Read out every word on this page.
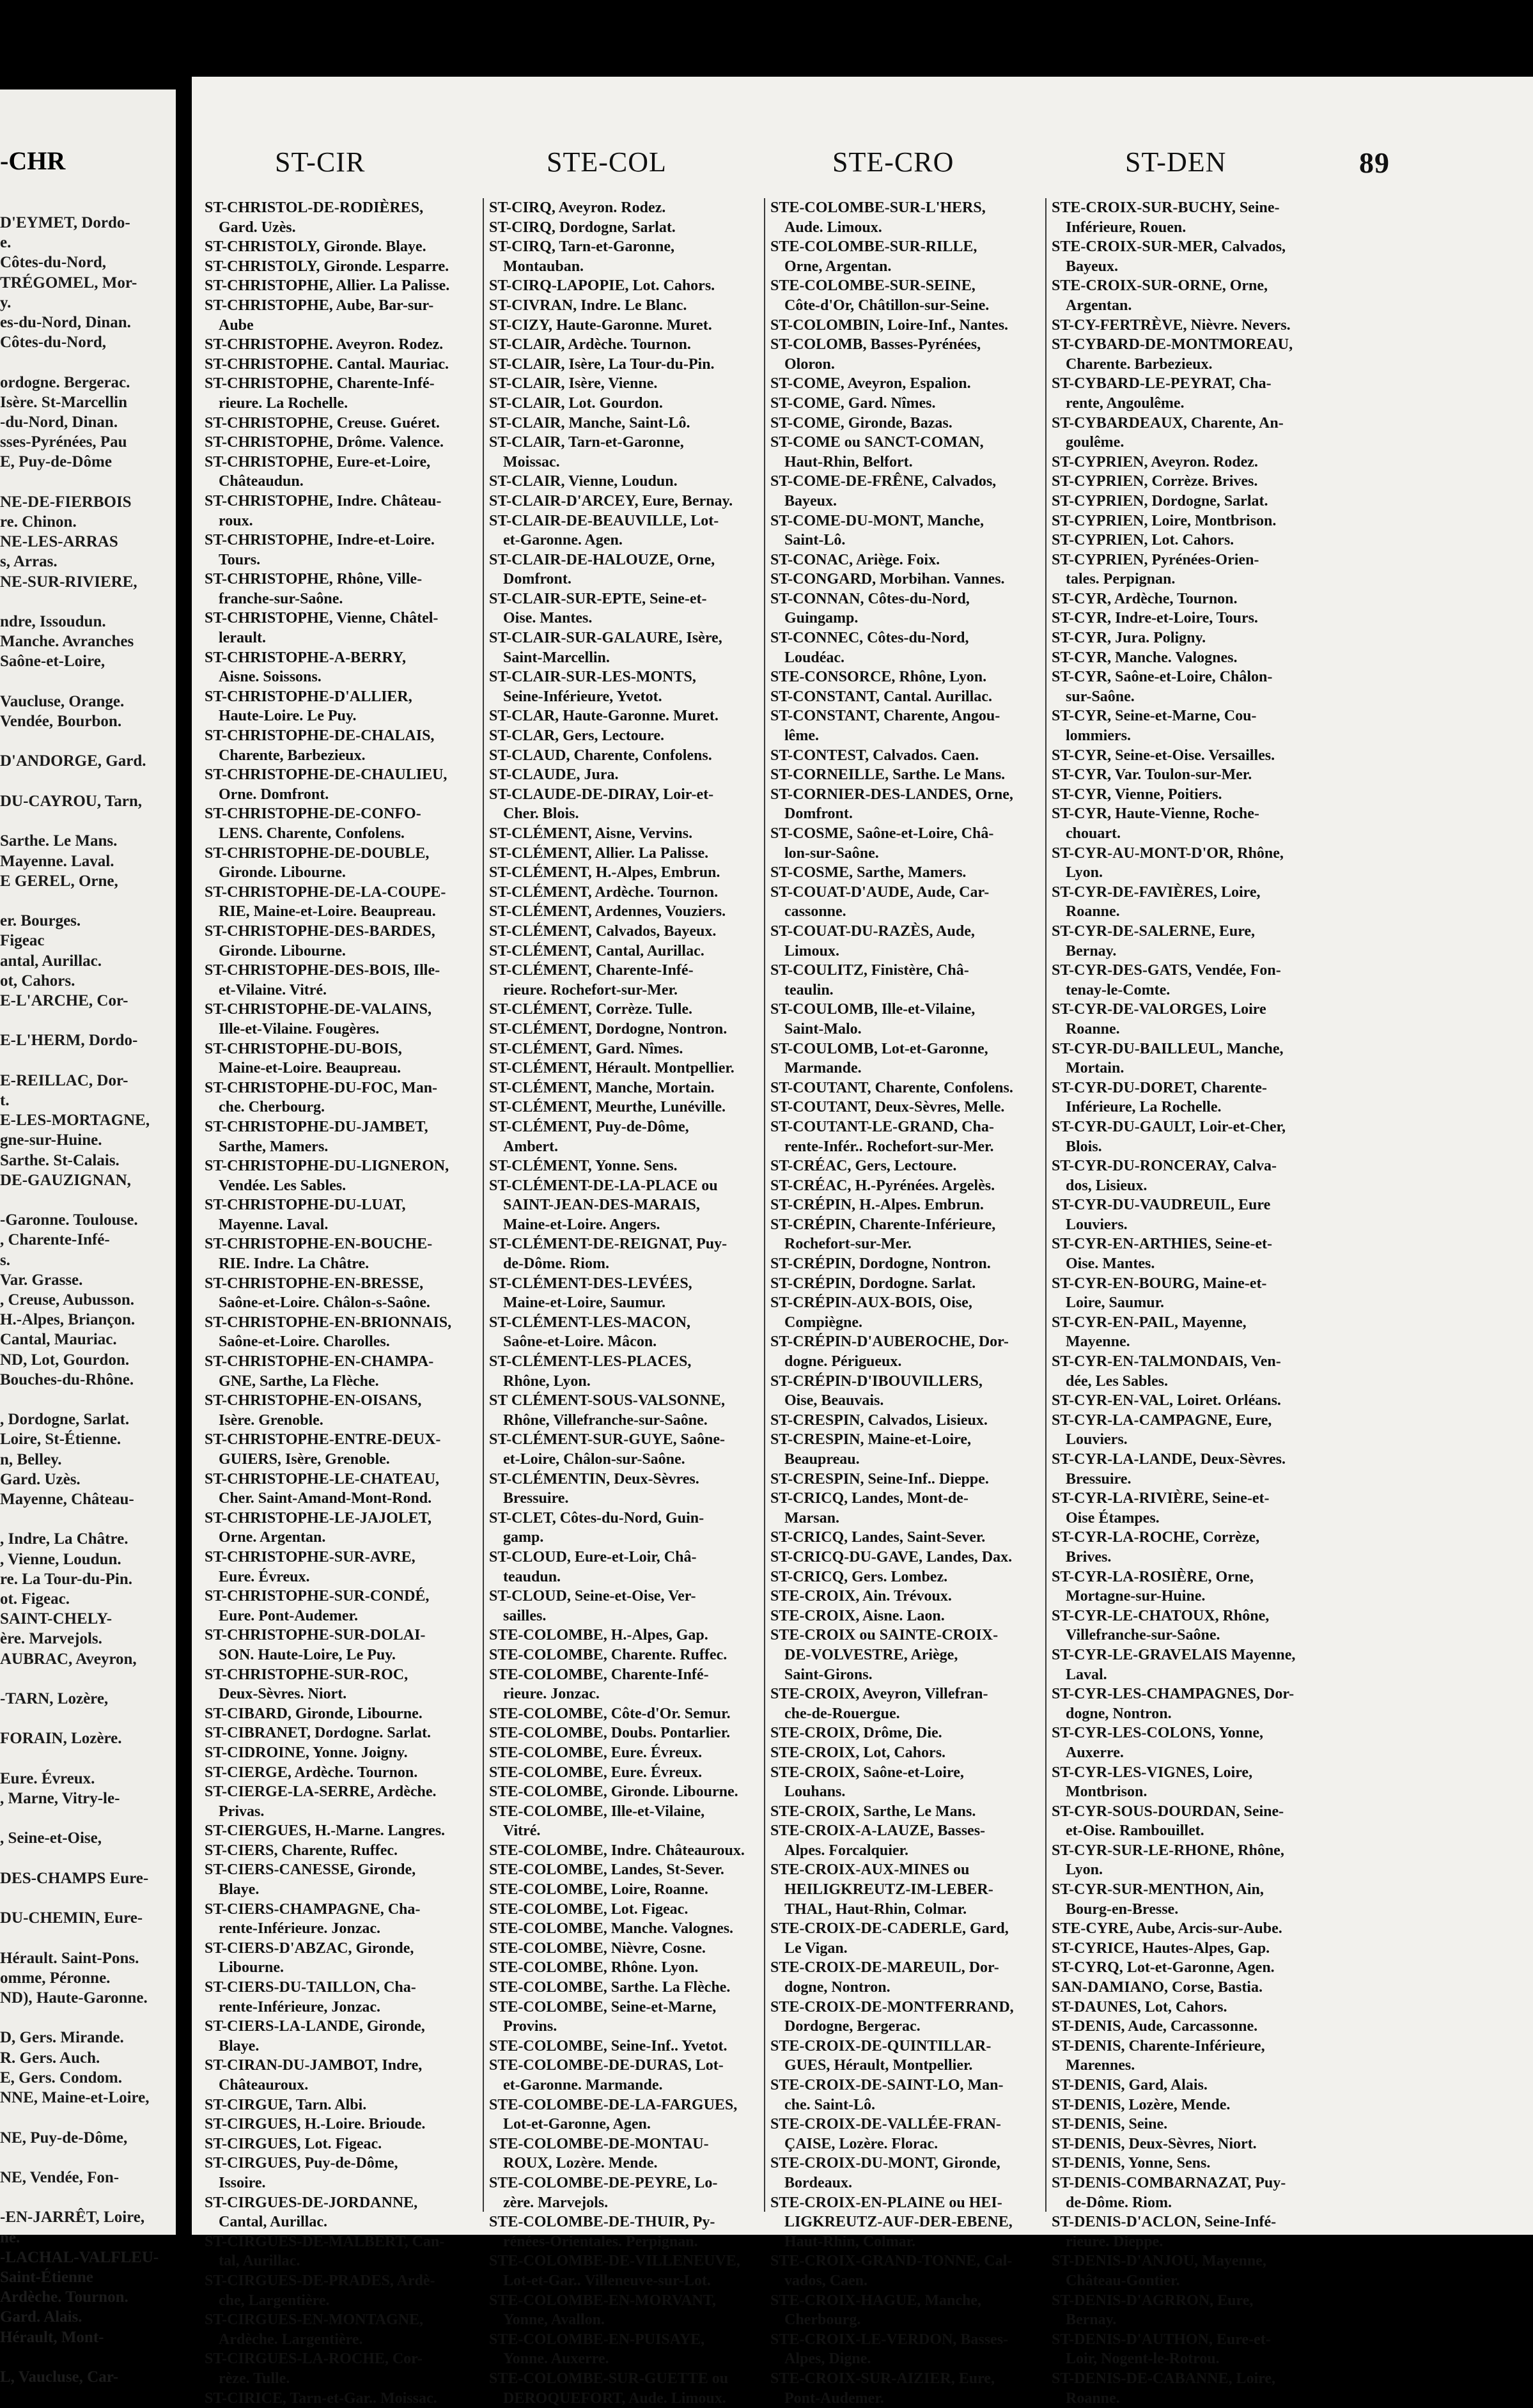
-CHR
D'EYMET, Dordo-
e.
Côtes-du-Nord,
TRÉGOMEL, Mor-
y.
es-du-Nord, Dinan.
Côtes-du-Nord,

ordogne. Bergerac.
Isère. St-Marcellin
-du-Nord, Dinan.
sses-Pyrénées, Pau
E, Puy-de-Dôme

NE-DE-FIERBOIS
re. Chinon.
NE-LES-ARRAS
s, Arras.
NE-SUR-RIVIERE,

ndre, Issoudun.
Manche. Avranches
Saône-et-Loire,

Vaucluse, Orange.
Vendée, Bourbon.

D'ANDORGE, Gard.

DU-CAYROU, Tarn,

Sarthe. Le Mans.
Mayenne. Laval.
E GEREL, Orne,

er. Bourges.
Figeac
antal, Aurillac.
ot, Cahors.
E-L'ARCHE, Cor-

E-L'HERM, Dordo-

E-REILLAC, Dor-
t.
E-LES-MORTAGNE,
gne-sur-Huine.
Sarthe. St-Calais.
DE-GAUZIGNAN,

-Garonne. Toulouse.
, Charente-Infé-
s.
Var. Grasse.
, Creuse, Aubusson.
H.-Alpes, Briançon.
Cantal, Mauriac.
ND, Lot, Gourdon.
Bouches-du-Rhône.

, Dordogne, Sarlat.
Loire, St-Étienne.
n, Belley.
Gard. Uzès.
Mayenne, Château-

, Indre, La Châtre.
, Vienne, Loudun.
re. La Tour-du-Pin.
ot. Figeac.
SAINT-CHELY-
ère. Marvejols.
AUBRAC, Aveyron,

-TARN, Lozère,

FORAIN, Lozère.

Eure. Évreux.
, Marne, Vitry-le-

, Seine-et-Oise,

DES-CHAMPS Eure-

DU-CHEMIN, Eure-

Hérault. Saint-Pons.
omme, Péronne.
ND), Haute-Garonne.

D, Gers. Mirande.
R. Gers. Auch.
E, Gers. Condom.
NNE, Maine-et-Loire,

NE, Puy-de-Dôme,

NE, Vendée, Fon-

-EN-JARRÊT, Loire,
ne.
-LACHAL-VALFLEU-
Saint-Étienne
Ardèche. Tournon.
Gard. Alais.
Hérault, Mont-

L, Vaucluse, Car-
ST-CIR	STE-COL	STE-CRO	ST-DEN	89
ST-CHRISTOL-DE-RODIÈRES,
Gard. Uzès.
ST-CHRISTOLY, Gironde. Blaye.
ST-CHRISTOLY, Gironde. Lesparre.
ST-CHRISTOPHE, Allier. La Palisse.
ST-CHRISTOPHE, Aube, Bar-sur-
Aube
ST-CHRISTOPHE. Aveyron. Rodez.
ST-CHRISTOPHE. Cantal. Mauriac.
ST-CHRISTOPHE, Charente-Infé-
rieure. La Rochelle.
ST-CHRISTOPHE, Creuse. Guéret.
ST-CHRISTOPHE, Drôme. Valence.
ST-CHRISTOPHE, Eure-et-Loire,
Châteaudun.
ST-CHRISTOPHE, Indre. Château-
roux.
ST-CHRISTOPHE, Indre-et-Loire.
Tours.
ST-CHRISTOPHE, Rhône, Ville-
franche-sur-Saône.
ST-CHRISTOPHE, Vienne, Châtel-
lerault.
ST-CHRISTOPHE-A-BERRY,
Aisne. Soissons.
ST-CHRISTOPHE-D'ALLIER,
Haute-Loire. Le Puy.
ST-CHRISTOPHE-DE-CHALAIS,
Charente, Barbezieux.
ST-CHRISTOPHE-DE-CHAULIEU,
Orne. Domfront.
ST-CHRISTOPHE-DE-CONFO-
LENS. Charente, Confolens.
ST-CHRISTOPHE-DE-DOUBLE,
Gironde. Libourne.
ST-CHRISTOPHE-DE-LA-COUPE-
RIE, Maine-et-Loire. Beaupreau.
ST-CHRISTOPHE-DES-BARDES,
Gironde. Libourne.
ST-CHRISTOPHE-DES-BOIS, Ille-
et-Vilaine. Vitré.
ST-CHRISTOPHE-DE-VALAINS,
Ille-et-Vilaine. Fougères.
ST-CHRISTOPHE-DU-BOIS,
Maine-et-Loire. Beaupreau.
ST-CHRISTOPHE-DU-FOC, Man-
che. Cherbourg.
ST-CHRISTOPHE-DU-JAMBET,
Sarthe, Mamers.
ST-CHRISTOPHE-DU-LIGNERON,
Vendée. Les Sables.
ST-CHRISTOPHE-DU-LUAT,
Mayenne. Laval.
ST-CHRISTOPHE-EN-BOUCHE-
RIE. Indre. La Châtre.
ST-CHRISTOPHE-EN-BRESSE,
Saône-et-Loire. Châlon-s-Saône.
ST-CHRISTOPHE-EN-BRIONNAIS,
Saône-et-Loire. Charolles.
ST-CHRISTOPHE-EN-CHAMPA-
GNE, Sarthe, La Flèche.
ST-CHRISTOPHE-EN-OISANS,
Isère. Grenoble.
ST-CHRISTOPHE-ENTRE-DEUX-
GUIERS, Isère, Grenoble.
ST-CHRISTOPHE-LE-CHATEAU,
Cher. Saint-Amand-Mont-Rond.
ST-CHRISTOPHE-LE-JAJOLET,
Orne. Argentan.
ST-CHRISTOPHE-SUR-AVRE,
Eure. Évreux.
ST-CHRISTOPHE-SUR-CONDÉ,
Eure. Pont-Audemer.
ST-CHRISTOPHE-SUR-DOLAI-
SON. Haute-Loire, Le Puy.
ST-CHRISTOPHE-SUR-ROC,
Deux-Sèvres. Niort.
ST-CIBARD, Gironde, Libourne.
ST-CIBRANET, Dordogne. Sarlat.
ST-CIDROINE, Yonne. Joigny.
ST-CIERGE, Ardèche. Tournon.
ST-CIERGE-LA-SERRE, Ardèche.
Privas.
ST-CIERGUES, H.-Marne. Langres.
ST-CIERS, Charente, Ruffec.
ST-CIERS-CANESSE, Gironde,
Blaye.
ST-CIERS-CHAMPAGNE, Cha-
rente-Inférieure. Jonzac.
ST-CIERS-D'ABZAC, Gironde,
Libourne.
ST-CIERS-DU-TAILLON, Cha-
rente-Inférieure, Jonzac.
ST-CIERS-LA-LANDE, Gironde,
Blaye.
ST-CIRAN-DU-JAMBOT, Indre,
Châteauroux.
ST-CIRGUE, Tarn. Albi.
ST-CIRGUES, H.-Loire. Brioude.
ST-CIRGUES, Lot. Figeac.
ST-CIRGUES, Puy-de-Dôme,
Issoire.
ST-CIRGUES-DE-JORDANNE,
Cantal, Aurillac.
ST-CIRGUES-DE-MALBERT, Can-
tal, Aurillac.
ST-CIRGUES-DE-PRADES, Ardè-
che, Largentière.
ST-CIRGUES-EN-MONTAGNE,
Ardèche. Largentière.
ST-CIRGUES-LA-ROCHE, Cor-
rèze. Tulle.
ST-CIRICE, Tarn-et-Gar.. Moissac.
ST-CIRQ, Aveyron. Rodez.
ST-CIRQ, Dordogne, Sarlat.
ST-CIRQ, Tarn-et-Garonne,
Montauban.
ST-CIRQ-LAPOPIE, Lot. Cahors.
ST-CIVRAN, Indre. Le Blanc.
ST-CIZY, Haute-Garonne. Muret.
ST-CLAIR, Ardèche. Tournon.
ST-CLAIR, Isère, La Tour-du-Pin.
ST-CLAIR, Isère, Vienne.
ST-CLAIR, Lot. Gourdon.
ST-CLAIR, Manche, Saint-Lô.
ST-CLAIR, Tarn-et-Garonne,
Moissac.
ST-CLAIR, Vienne, Loudun.
ST-CLAIR-D'ARCEY, Eure, Bernay.
ST-CLAIR-DE-BEAUVILLE, Lot-
et-Garonne. Agen.
ST-CLAIR-DE-HALOUZE, Orne,
Domfront.
ST-CLAIR-SUR-EPTE, Seine-et-
Oise. Mantes.
ST-CLAIR-SUR-GALAURE, Isère,
Saint-Marcellin.
ST-CLAIR-SUR-LES-MONTS,
Seine-Inférieure, Yvetot.
ST-CLAR, Haute-Garonne. Muret.
ST-CLAR, Gers, Lectoure.
ST-CLAUD, Charente, Confolens.
ST-CLAUDE, Jura.
ST-CLAUDE-DE-DIRAY, Loir-et-
Cher. Blois.
ST-CLÉMENT, Aisne, Vervins.
ST-CLÉMENT, Allier. La Palisse.
ST-CLÉMENT, H.-Alpes, Embrun.
ST-CLÉMENT, Ardèche. Tournon.
ST-CLÉMENT, Ardennes, Vouziers.
ST-CLÉMENT, Calvados, Bayeux.
ST-CLÉMENT, Cantal, Aurillac.
ST-CLÉMENT, Charente-Infé-
rieure. Rochefort-sur-Mer.
ST-CLÉMENT, Corrèze. Tulle.
ST-CLÉMENT, Dordogne, Nontron.
ST-CLÉMENT, Gard. Nîmes.
ST-CLÉMENT, Hérault. Montpellier.
ST-CLÉMENT, Manche, Mortain.
ST-CLÉMENT, Meurthe, Lunéville.
ST-CLÉMENT, Puy-de-Dôme,
Ambert.
ST-CLÉMENT, Yonne. Sens.
ST-CLÉMENT-DE-LA-PLACE ou
SAINT-JEAN-DES-MARAIS,
Maine-et-Loire. Angers.
ST-CLÉMENT-DE-REIGNAT, Puy-
de-Dôme. Riom.
ST-CLÉMENT-DES-LEVÉES,
Maine-et-Loire, Saumur.
ST-CLÉMENT-LES-MACON,
Saône-et-Loire. Mâcon.
ST-CLÉMENT-LES-PLACES,
Rhône, Lyon.
ST CLÉMENT-SOUS-VALSONNE,
Rhône, Villefranche-sur-Saône.
ST-CLÉMENT-SUR-GUYE, Saône-
et-Loire, Châlon-sur-Saône.
ST-CLÉMENTIN, Deux-Sèvres.
Bressuire.
ST-CLET, Côtes-du-Nord, Guin-
gamp.
ST-CLOUD, Eure-et-Loir, Châ-
teaudun.
ST-CLOUD, Seine-et-Oise, Ver-
sailles.
STE-COLOMBE, H.-Alpes, Gap.
STE-COLOMBE, Charente. Ruffec.
STE-COLOMBE, Charente-Infé-
rieure. Jonzac.
STE-COLOMBE, Côte-d'Or. Semur.
STE-COLOMBE, Doubs. Pontarlier.
STE-COLOMBE, Eure. Évreux.
STE-COLOMBE, Eure. Évreux.
STE-COLOMBE, Gironde. Libourne.
STE-COLOMBE, Ille-et-Vilaine,
Vitré.
STE-COLOMBE, Indre. Châteauroux.
STE-COLOMBE, Landes, St-Sever.
STE-COLOMBE, Loire, Roanne.
STE-COLOMBE, Lot. Figeac.
STE-COLOMBE, Manche. Valognes.
STE-COLOMBE, Nièvre, Cosne.
STE-COLOMBE, Rhône. Lyon.
STE-COLOMBE, Sarthe. La Flèche.
STE-COLOMBE, Seine-et-Marne,
Provins.
STE-COLOMBE, Seine-Inf.. Yvetot.
STE-COLOMBE-DE-DURAS, Lot-
et-Garonne. Marmande.
STE-COLOMBE-DE-LA-FARGUES,
Lot-et-Garonne, Agen.
STE-COLOMBE-DE-MONTAU-
ROUX, Lozère. Mende.
STE-COLOMBE-DE-PEYRE, Lo-
zère. Marvejols.
STE-COLOMBE-DE-THUIR, Py-
rénées-Orientales. Perpignan.
STE-COLOMBE-DE-VILLENEUVE,
Lot-et-Gar.. Villeneuve-sur-Lot.
STE-COLOMBE-EN-MORVANT,
Yonne, Avallon.
STE-COLOMBE-EN-PUISAYE,
Yonne. Auxerre.
STE-COLOMBE-SUR-GUETTE ou
DEROQUEFORT, Aude. Limoux.
STE-COLOMBE-SUR-L'HERS,
Aude. Limoux.
STE-COLOMBE-SUR-RILLE,
Orne, Argentan.
STE-COLOMBE-SUR-SEINE,
Côte-d'Or, Châtillon-sur-Seine.
ST-COLOMBIN, Loire-Inf., Nantes.
ST-COLOMB, Basses-Pyrénées,
Oloron.
ST-COME, Aveyron, Espalion.
ST-COME, Gard. Nîmes.
ST-COME, Gironde, Bazas.
ST-COME ou SANCT-COMAN,
Haut-Rhin, Belfort.
ST-COME-DE-FRÊNE, Calvados,
Bayeux.
ST-COME-DU-MONT, Manche,
Saint-Lô.
ST-CONAC, Ariège. Foix.
ST-CONGARD, Morbihan. Vannes.
ST-CONNAN, Côtes-du-Nord,
Guingamp.
ST-CONNEC, Côtes-du-Nord,
Loudéac.
STE-CONSORCE, Rhône, Lyon.
ST-CONSTANT, Cantal. Aurillac.
ST-CONSTANT, Charente, Angou-
lême.
ST-CONTEST, Calvados. Caen.
ST-CORNEILLE, Sarthe. Le Mans.
ST-CORNIER-DES-LANDES, Orne,
Domfront.
ST-COSME, Saône-et-Loire, Châ-
lon-sur-Saône.
ST-COSME, Sarthe, Mamers.
ST-COUAT-D'AUDE, Aude, Car-
cassonne.
ST-COUAT-DU-RAZÈS, Aude,
Limoux.
ST-COULITZ, Finistère, Châ-
teaulin.
ST-COULOMB, Ille-et-Vilaine,
Saint-Malo.
ST-COULOMB, Lot-et-Garonne,
Marmande.
ST-COUTANT, Charente, Confolens.
ST-COUTANT, Deux-Sèvres, Melle.
ST-COUTANT-LE-GRAND, Cha-
rente-Infér.. Rochefort-sur-Mer.
ST-CRÉAC, Gers, Lectoure.
ST-CRÉAC, H.-Pyrénées. Argelès.
ST-CRÉPIN, H.-Alpes. Embrun.
ST-CRÉPIN, Charente-Inférieure,
Rochefort-sur-Mer.
ST-CRÉPIN, Dordogne, Nontron.
ST-CRÉPIN, Dordogne. Sarlat.
ST-CRÉPIN-AUX-BOIS, Oise,
Compiègne.
ST-CRÉPIN-D'AUBEROCHE, Dor-
dogne. Périgueux.
ST-CRÉPIN-D'IBOUVILLERS,
Oise, Beauvais.
ST-CRESPIN, Calvados, Lisieux.
ST-CRESPIN, Maine-et-Loire,
Beaupreau.
ST-CRESPIN, Seine-Inf.. Dieppe.
ST-CRICQ, Landes, Mont-de-
Marsan.
ST-CRICQ, Landes, Saint-Sever.
ST-CRICQ-DU-GAVE, Landes, Dax.
ST-CRICQ, Gers. Lombez.
STE-CROIX, Ain. Trévoux.
STE-CROIX, Aisne. Laon.
STE-CROIX ou SAINTE-CROIX-
DE-VOLVESTRE, Ariège,
Saint-Girons.
STE-CROIX, Aveyron, Villefran-
che-de-Rouergue.
STE-CROIX, Drôme, Die.
STE-CROIX, Lot, Cahors.
STE-CROIX, Saône-et-Loire,
Louhans.
STE-CROIX, Sarthe, Le Mans.
STE-CROIX-A-LAUZE, Basses-
Alpes. Forcalquier.
STE-CROIX-AUX-MINES ou
HEILIGKREUTZ-IM-LEBER-
THAL, Haut-Rhin, Colmar.
STE-CROIX-DE-CADERLE, Gard,
Le Vigan.
STE-CROIX-DE-MAREUIL, Dor-
dogne, Nontron.
STE-CROIX-DE-MONTFERRAND,
Dordogne, Bergerac.
STE-CROIX-DE-QUINTILLAR-
GUES, Hérault, Montpellier.
STE-CROIX-DE-SAINT-LO, Man-
che. Saint-Lô.
STE-CROIX-DE-VALLÉE-FRAN-
ÇAISE, Lozère. Florac.
STE-CROIX-DU-MONT, Gironde,
Bordeaux.
STE-CROIX-EN-PLAINE ou HEI-
LIGKREUTZ-AUF-DER-EBENE,
Haut-Rhin, Colmar.
STE-CROIX-GRAND-TONNE, Cal-
vados, Caen.
STE-CROIX-HAGUE, Manche,
Cherbourg.
STE-CROIX-LE-VERDON, Basses-
Alpes, Digne.
STE-CROIX-SUR-AIZIER, Eure,
Pont-Audemer.
STE-CROIX-SUR-BUCHY, Seine-
Inférieure, Rouen.
STE-CROIX-SUR-MER, Calvados,
Bayeux.
STE-CROIX-SUR-ORNE, Orne,
Argentan.
ST-CY-FERTRÈVE, Nièvre. Nevers.
ST-CYBARD-DE-MONTMOREAU,
Charente. Barbezieux.
ST-CYBARD-LE-PEYRAT, Cha-
rente, Angoulême.
ST-CYBARDEAUX, Charente, An-
goulême.
ST-CYPRIEN, Aveyron. Rodez.
ST-CYPRIEN, Corrèze. Brives.
ST-CYPRIEN, Dordogne, Sarlat.
ST-CYPRIEN, Loire, Montbrison.
ST-CYPRIEN, Lot. Cahors.
ST-CYPRIEN, Pyrénées-Orien-
tales. Perpignan.
ST-CYR, Ardèche, Tournon.
ST-CYR, Indre-et-Loire, Tours.
ST-CYR, Jura. Poligny.
ST-CYR, Manche. Valognes.
ST-CYR, Saône-et-Loire, Châlon-
sur-Saône.
ST-CYR, Seine-et-Marne, Cou-
lommiers.
ST-CYR, Seine-et-Oise. Versailles.
ST-CYR, Var. Toulon-sur-Mer.
ST-CYR, Vienne, Poitiers.
ST-CYR, Haute-Vienne, Roche-
chouart.
ST-CYR-AU-MONT-D'OR, Rhône,
Lyon.
ST-CYR-DE-FAVIÈRES, Loire,
Roanne.
ST-CYR-DE-SALERNE, Eure,
Bernay.
ST-CYR-DES-GATS, Vendée, Fon-
tenay-le-Comte.
ST-CYR-DE-VALORGES, Loire
Roanne.
ST-CYR-DU-BAILLEUL, Manche,
Mortain.
ST-CYR-DU-DORET, Charente-
Inférieure, La Rochelle.
ST-CYR-DU-GAULT, Loir-et-Cher,
Blois.
ST-CYR-DU-RONCERAY, Calva-
dos, Lisieux.
ST-CYR-DU-VAUDREUIL, Eure
Louviers.
ST-CYR-EN-ARTHIES, Seine-et-
Oise. Mantes.
ST-CYR-EN-BOURG, Maine-et-
Loire, Saumur.
ST-CYR-EN-PAIL, Mayenne,
Mayenne.
ST-CYR-EN-TALMONDAIS, Ven-
dée, Les Sables.
ST-CYR-EN-VAL, Loiret. Orléans.
ST-CYR-LA-CAMPAGNE, Eure,
Louviers.
ST-CYR-LA-LANDE, Deux-Sèvres.
Bressuire.
ST-CYR-LA-RIVIÈRE, Seine-et-
Oise Étampes.
ST-CYR-LA-ROCHE, Corrèze,
Brives.
ST-CYR-LA-ROSIÈRE, Orne,
Mortagne-sur-Huine.
ST-CYR-LE-CHATOUX, Rhône,
Villefranche-sur-Saône.
ST-CYR-LE-GRAVELAIS Mayenne,
Laval.
ST-CYR-LES-CHAMPAGNES, Dor-
dogne, Nontron.
ST-CYR-LES-COLONS, Yonne,
Auxerre.
ST-CYR-LES-VIGNES, Loire,
Montbrison.
ST-CYR-SOUS-DOURDAN, Seine-
et-Oise. Rambouillet.
ST-CYR-SUR-LE-RHONE, Rhône,
Lyon.
ST-CYR-SUR-MENTHON, Ain,
Bourg-en-Bresse.
STE-CYRE, Aube, Arcis-sur-Aube.
ST-CYRICE, Hautes-Alpes, Gap.
ST-CYRQ, Lot-et-Garonne, Agen.
SAN-DAMIANO, Corse, Bastia.
ST-DAUNES, Lot, Cahors.
ST-DENIS, Aude, Carcassonne.
ST-DENIS, Charente-Inférieure,
Marennes.
ST-DENIS, Gard, Alais.
ST-DENIS, Lozère, Mende.
ST-DENIS, Seine.
ST-DENIS, Deux-Sèvres, Niort.
ST-DENIS, Yonne, Sens.
ST-DENIS-COMBARNAZAT, Puy-
de-Dôme. Riom.
ST-DENIS-D'ACLON, Seine-Infé-
rieure. Dieppe.
ST-DENIS-D'ANJOU, Mayenne,
Château-Gontier.
ST-DENIS-D'AGRRON, Eure,
Bernay.
ST-DENIS-D'AUTHON, Eure-et-
Loir, Nogent-le-Rotrou.
ST-DENIS-DE-CABANNE, Loire,
Roanne.
